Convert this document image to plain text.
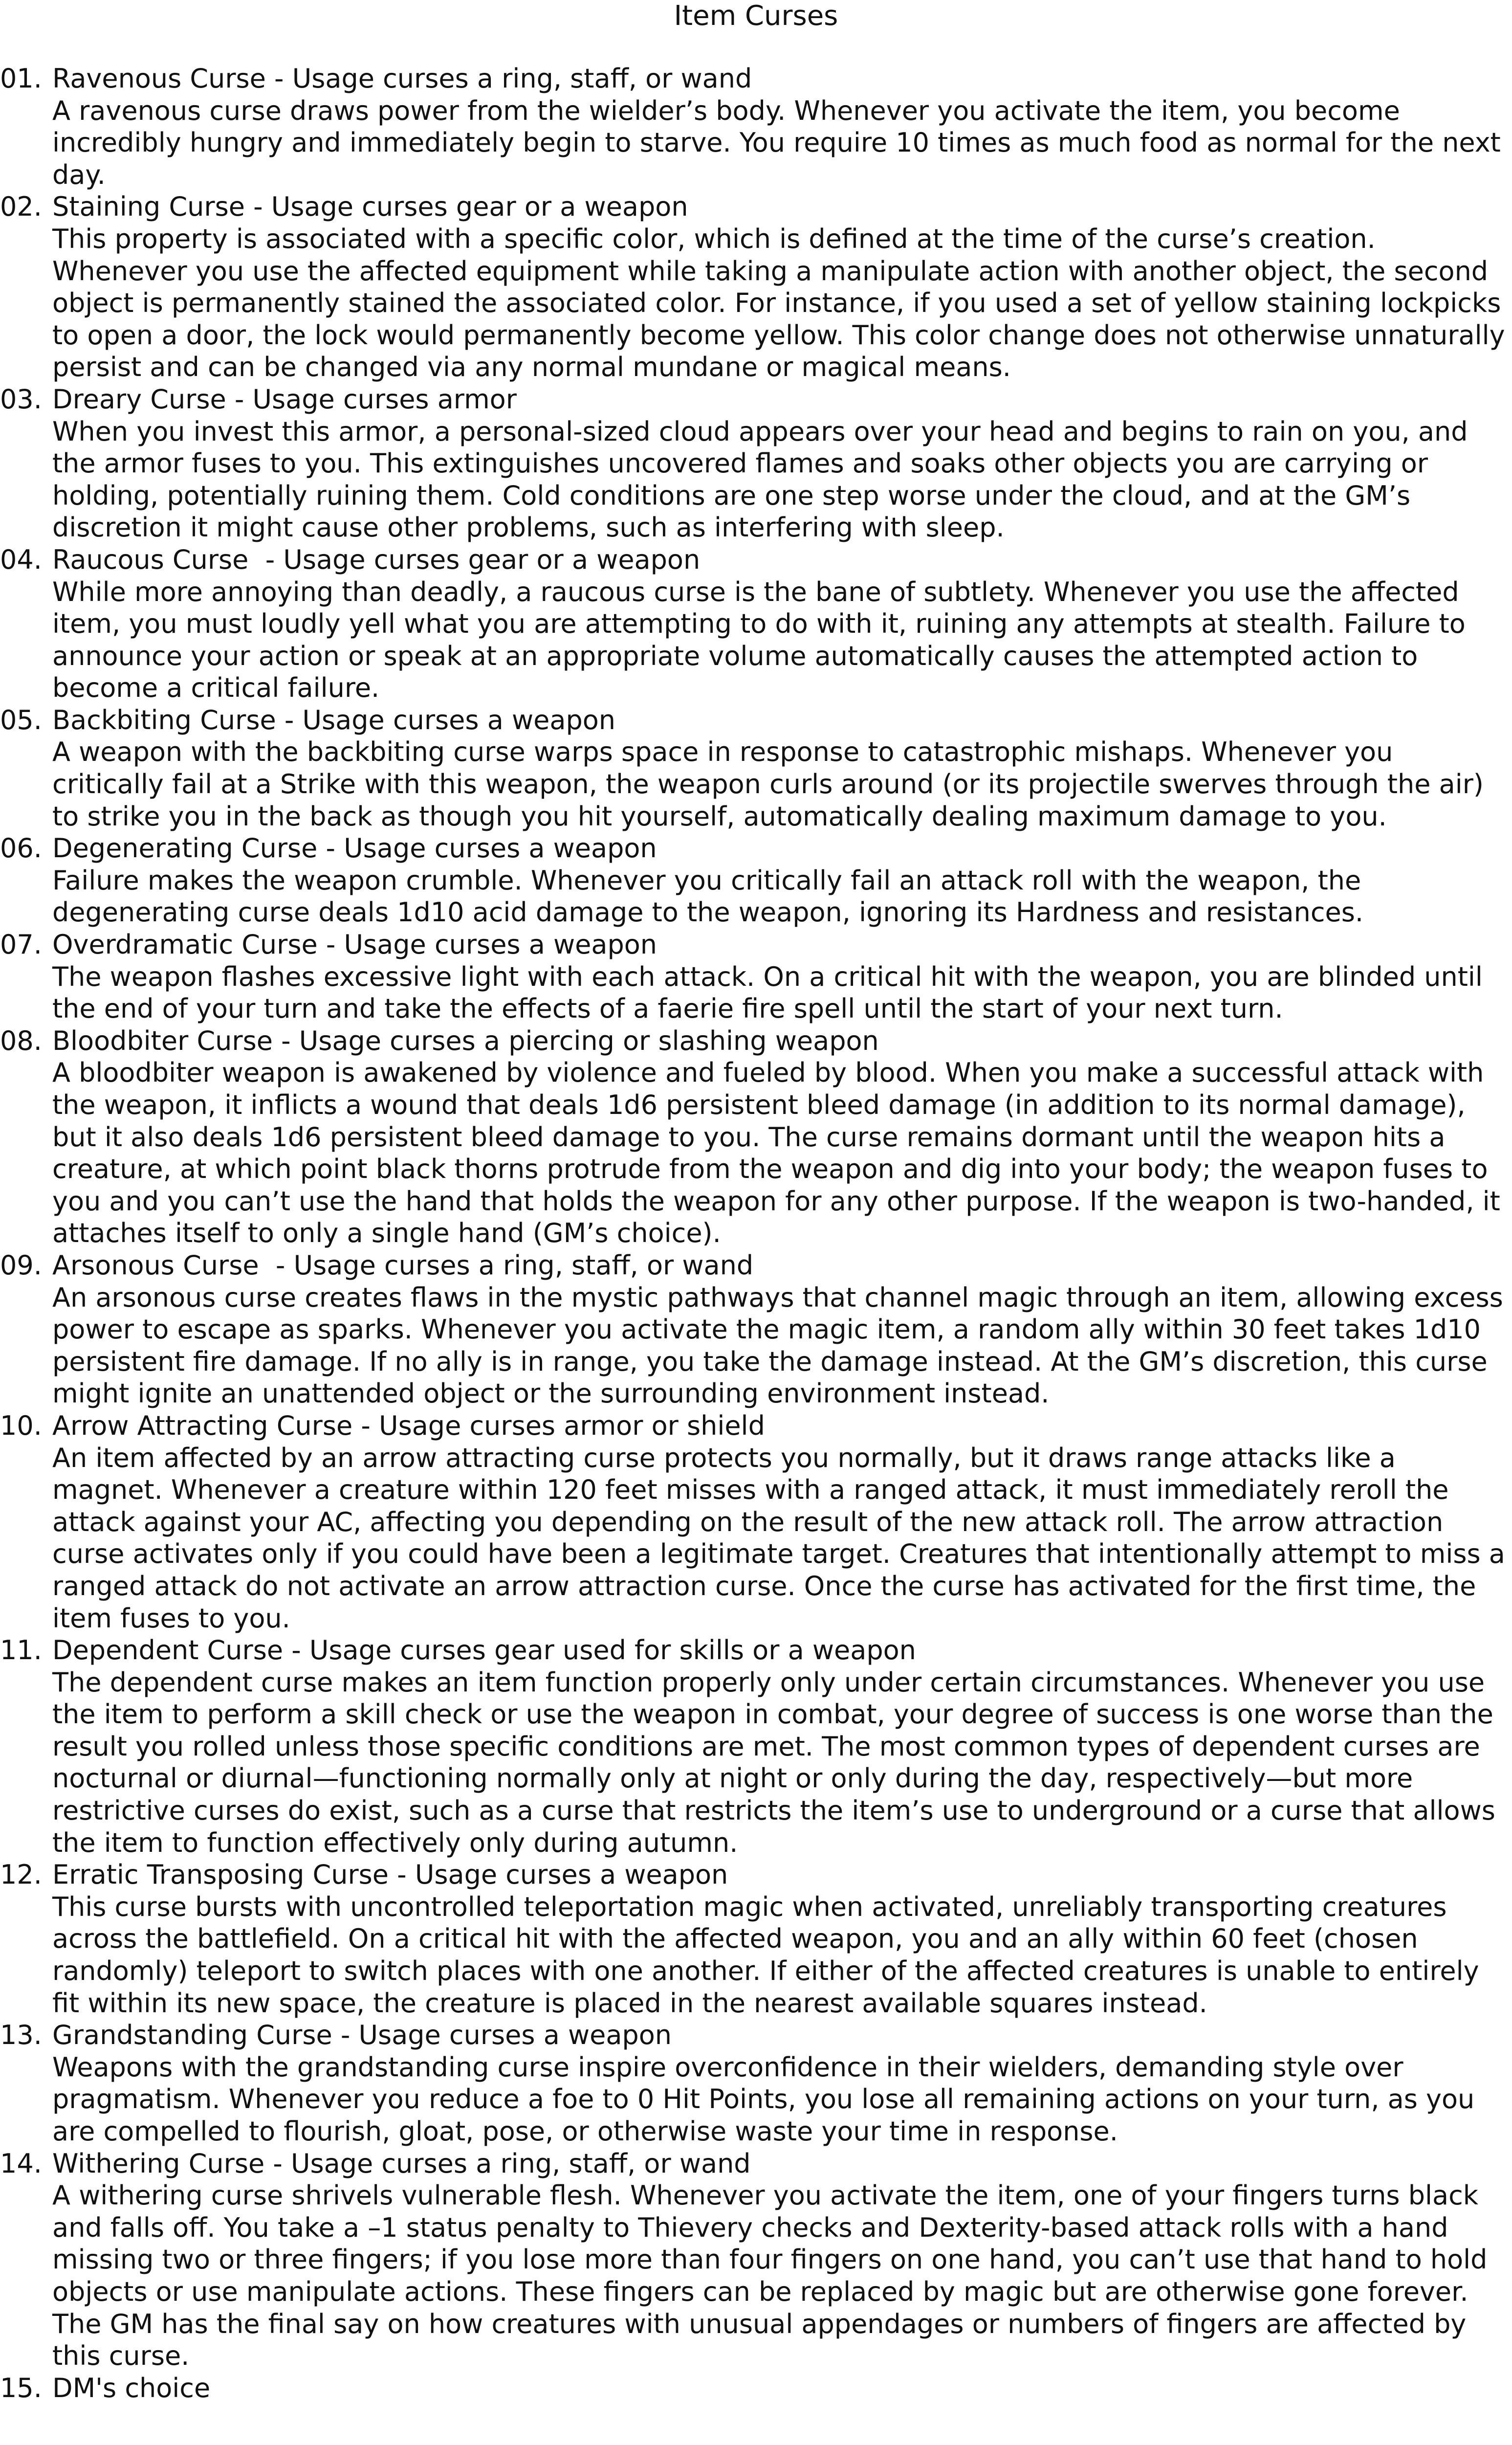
Item Curses
01. Ravenous Curse - Usage curses a ring, staff, or wand
A ravenous curse draws power from the wielder’s body. Whenever you activate the item, you become incredibly hungry and immediately begin to starve. You require 10 times as much food as normal for the next day.
02. Staining Curse - Usage curses gear or a weapon
This property is associated with a specific color, which is defined at the time of the curse’s creation. Whenever you use the affected equipment while taking a manipulate action with another object, the second object is permanently stained the associated color. For instance, if you used a set of yellow staining lockpicks to open a door, the lock would permanently become yellow. This color change does not otherwise unnaturally persist and can be changed via any normal mundane or magical means.
03. Dreary Curse - Usage curses armor
When you invest this armor, a personal-sized cloud appears over your head and begins to rain on you, and the armor fuses to you. This extinguishes uncovered flames and soaks other objects you are carrying or holding, potentially ruining them. Cold conditions are one step worse under the cloud, and at the GM’s discretion it might cause other problems, such as interfering with sleep.
04. Raucous Curse  - Usage curses gear or a weapon
While more annoying than deadly, a raucous curse is the bane of subtlety. Whenever you use the affected item, you must loudly yell what you are attempting to do with it, ruining any attempts at stealth. Failure to announce your action or speak at an appropriate volume automatically causes the attempted action to become a critical failure.
05. Backbiting Curse - Usage curses a weapon
A weapon with the backbiting curse warps space in response to catastrophic mishaps. Whenever you critically fail at a Strike with this weapon, the weapon curls around (or its projectile swerves through the air) to strike you in the back as though you hit yourself, automatically dealing maximum damage to you.
06. Degenerating Curse - Usage curses a weapon
Failure makes the weapon crumble. Whenever you critically fail an attack roll with the weapon, the degenerating curse deals 1d10 acid damage to the weapon, ignoring its Hardness and resistances.
07. Overdramatic Curse - Usage curses a weapon
The weapon flashes excessive light with each attack. On a critical hit with the weapon, you are blinded until the end of your turn and take the effects of a faerie fire spell until the start of your next turn.
08. Bloodbiter Curse - Usage curses a piercing or slashing weapon
A bloodbiter weapon is awakened by violence and fueled by blood. When you make a successful attack with the weapon, it inflicts a wound that deals 1d6 persistent bleed damage (in addition to its normal damage), but it also deals 1d6 persistent bleed damage to you. The curse remains dormant until the weapon hits a creature, at which point black thorns protrude from the weapon and dig into your body; the weapon fuses to you and you can’t use the hand that holds the weapon for any other purpose. If the weapon is two-handed, it attaches itself to only a single hand (GM’s choice).
09. Arsonous Curse  - Usage curses a ring, staff, or wand
An arsonous curse creates flaws in the mystic pathways that channel magic through an item, allowing excess power to escape as sparks. Whenever you activate the magic item, a random ally within 30 feet takes 1d10 persistent fire damage. If no ally is in range, you take the damage instead. At the GM’s discretion, this curse might ignite an unattended object or the surrounding environment instead.
10. Arrow Attracting Curse - Usage curses armor or shield
An item affected by an arrow attracting curse protects you normally, but it draws range attacks like a magnet. Whenever a creature within 120 feet misses with a ranged attack, it must immediately reroll the attack against your AC, affecting you depending on the result of the new attack roll. The arrow attraction curse activates only if you could have been a legitimate target. Creatures that intentionally attempt to miss a ranged attack do not activate an arrow attraction curse. Once the curse has activated for the first time, the item fuses to you.
11. Dependent Curse - Usage curses gear used for skills or a weapon
The dependent curse makes an item function properly only under certain circumstances. Whenever you use the item to perform a skill check or use the weapon in combat, your degree of success is one worse than the result you rolled unless those specific conditions are met. The most common types of dependent curses are nocturnal or diurnal—functioning normally only at night or only during the day, respectively—but more restrictive curses do exist, such as a curse that restricts the item’s use to underground or a curse that allows the item to function effectively only during autumn.
12. Erratic Transposing Curse - Usage curses a weapon
This curse bursts with uncontrolled teleportation magic when activated, unreliably transporting creatures across the battlefield. On a critical hit with the affected weapon, you and an ally within 60 feet (chosen randomly) teleport to switch places with one another. If either of the affected creatures is unable to entirely fit within its new space, the creature is placed in the nearest available squares instead.
13. Grandstanding Curse - Usage curses a weapon
Weapons with the grandstanding curse inspire overconfidence in their wielders, demanding style over pragmatism. Whenever you reduce a foe to 0 Hit Points, you lose all remaining actions on your turn, as you are compelled to flourish, gloat, pose, or otherwise waste your time in response.
14. Withering Curse - Usage curses a ring, staff, or wand
A withering curse shrivels vulnerable flesh. Whenever you activate the item, one of your fingers turns black and falls off. You take a –1 status penalty to Thievery checks and Dexterity-based attack rolls with a hand missing two or three fingers; if you lose more than four fingers on one hand, you can’t use that hand to hold objects or use manipulate actions. These fingers can be replaced by magic but are otherwise gone forever. The GM has the final say on how creatures with unusual appendages or numbers of fingers are affected by this curse.
15. DM's choice
